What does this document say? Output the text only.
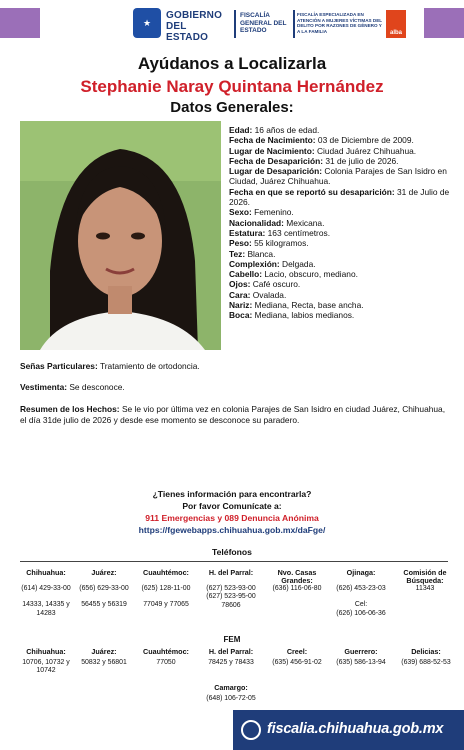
★
GOBIERNO DEL ESTADO
FISCALÍA GENERAL DEL ESTADO
FISCALÍA ESPECIALIZADA EN ATENCIÓN A MUJERES VÍCTIMAS DEL DELITO POR RAZONES DE GÉNERO Y A LA FAMILIA	alba
Ayúdanos a Localizarla
Stephanie Naray Quintana Hernández
Datos Generales:
Edad: 16 años de edad.
Fecha de Nacimiento: 03 de Diciembre de 2009.
Lugar de Nacimiento: Ciudad Juárez Chihuahua.
Fecha de Desaparición: 31 de julio de 2026.
Lugar de Desaparición: Colonia Parajes de San Isidro en Ciudad, Juárez Chihuahua.
Fecha en que se reportó su desaparición: 31 de Julio de 2026.
Sexo: Femenino.
Nacionalidad: Mexicana.
Estatura: 163 centímetros.
Peso: 55 kilogramos.
Tez: Blanca.
Complexión: Delgada.
Cabello: Lacio, obscuro, mediano.
Ojos: Café oscuro.
Cara: Ovalada.
Nariz: Mediana, Recta, base ancha.
Boca: Mediana, labios medianos.
Señas Particulares: Tratamiento de ortodoncia.
Vestimenta: Se desconoce.
Resumen de los Hechos: Se le vio por última vez en colonia Parajes de San Isidro en ciudad Juárez, Chihuahua, el día 31de julio de 2026 y desde ese momento se desconoce su paradero.
¿Tienes información para encontrarla?
Por favor Comunícate a:
911 Emergencias y 089 Denuncia Anónima
https://fgewebapps.chihuahua.gob.mx/daFge/
Teléfonos
Chihuahua:
(614) 429-33-00
14333, 14335 y 14283
Juárez:
(656) 629-33-00
56455 y 56319
Cuauhtémoc:
(625) 128-11-00
77049 y 77065
H. del Parral:
(627) 523-93-00
(627) 523-95-00
78606
Nvo. Casas Grandes:
(636) 116-06-80
Ojinaga:
(626) 453-23-03
Cel:
(626) 106-06-36
Comisión de Búsqueda:
11343
FEM
Chihuahua:
10706, 10732 y 10742
Juárez:
50832 y 56801
Cuauhtémoc:
77050
H. del Parral:
78425 y 78433
Creel:
(635) 456-91-02
Guerrero:
(635) 586-13-94
Delicias:
(639) 688-52-53
Camargo:
(648) 106-72-05
fiscalia.chihuahua.gob.mx
